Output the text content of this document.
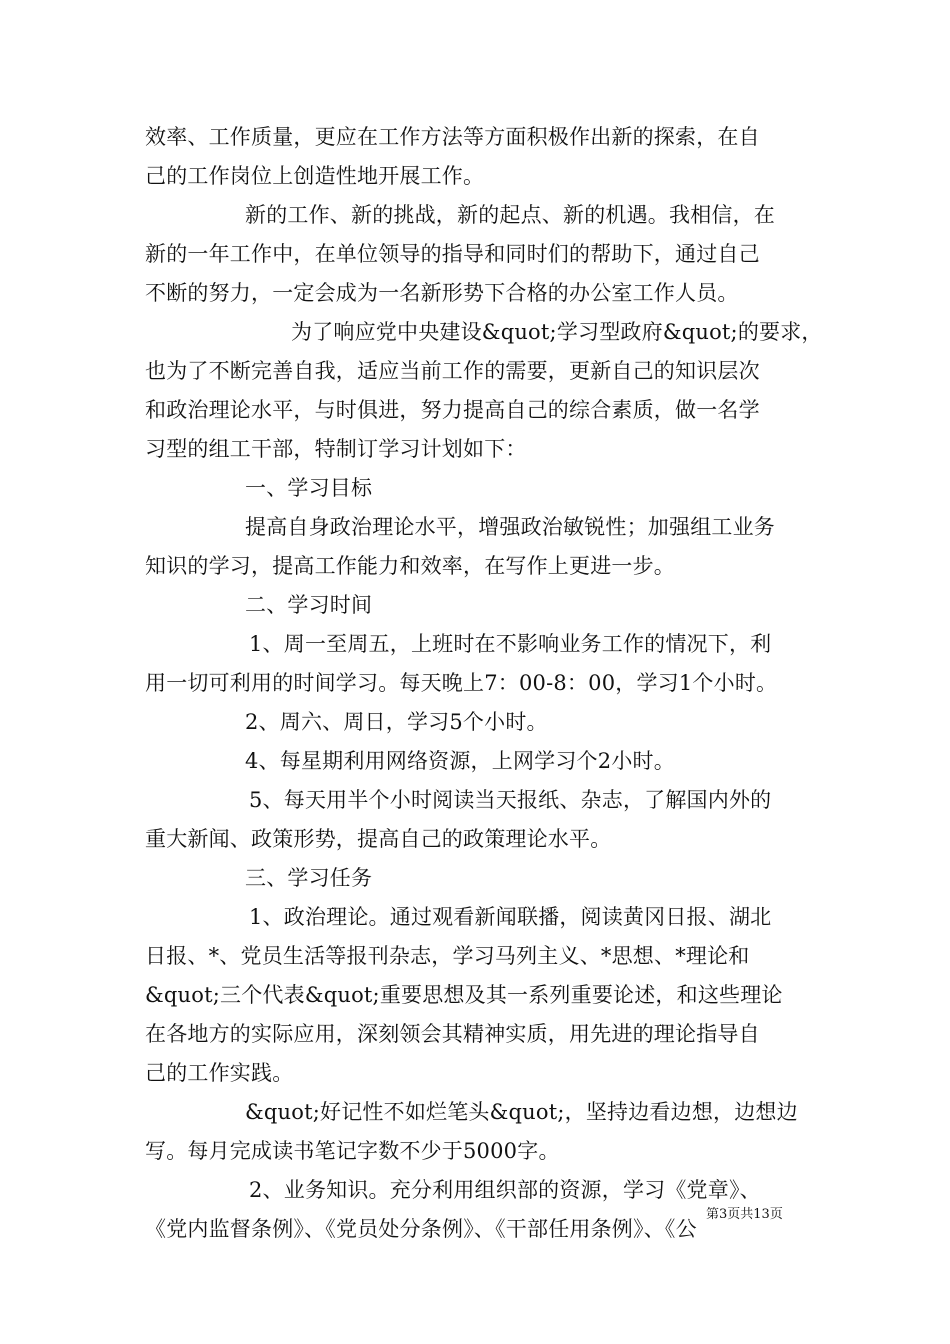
效率、工作质量，更应在工作方法等方面积极作出新的探索，在自
己的工作岗位上创造性地开展工作。
新的工作、新的挑战，新的起点、新的机遇。我相信，在
新的一年工作中，在单位领导的指导和同时们的帮助下，通过自己
不断的努力，一定会成为一名新形势下合格的办公室工作人员。
为了响应党中央建设&quot;学习型政府&quot;的要求，
也为了不断完善自我，适应当前工作的需要，更新自己的知识层次
和政治理论水平，与时俱进，努力提高自己的综合素质，做一名学
习型的组工干部，特制订学习计划如下：
一、学习目标
提高自身政治理论水平，增强政治敏锐性；加强组工业务
知识的学习，提高工作能力和效率，在写作上更进一步。
二、学习时间
1、周一至周五，上班时在不影响业务工作的情况下，利
用一切可利用的时间学习。每天晚上7：00-8：00，学习1个小时。
2、周六、周日，学习5个小时。
4、每星期利用网络资源，上网学习个2小时。
5、每天用半个小时阅读当天报纸、杂志，了解国内外的
重大新闻、政策形势，提高自己的政策理论水平。
三、学习任务
1、政治理论。通过观看新闻联播，阅读黄冈日报、湖北
日报、*、党员生活等报刊杂志，学习马列主义、*思想、*理论和
&quot;三个代表&quot;重要思想及其一系列重要论述，和这些理论
在各地方的实际应用，深刻领会其精神实质，用先进的理论指导自
己的工作实践。
&quot;好记性不如烂笔头&quot;，坚持边看边想，边想边
写。每月完成读书笔记字数不少于5000字。
2、业务知识。充分利用组织部的资源，学习《党章》、
《党内监督条例》、《党员处分条例》、《干部任用条例》、《公
第3页共13页
